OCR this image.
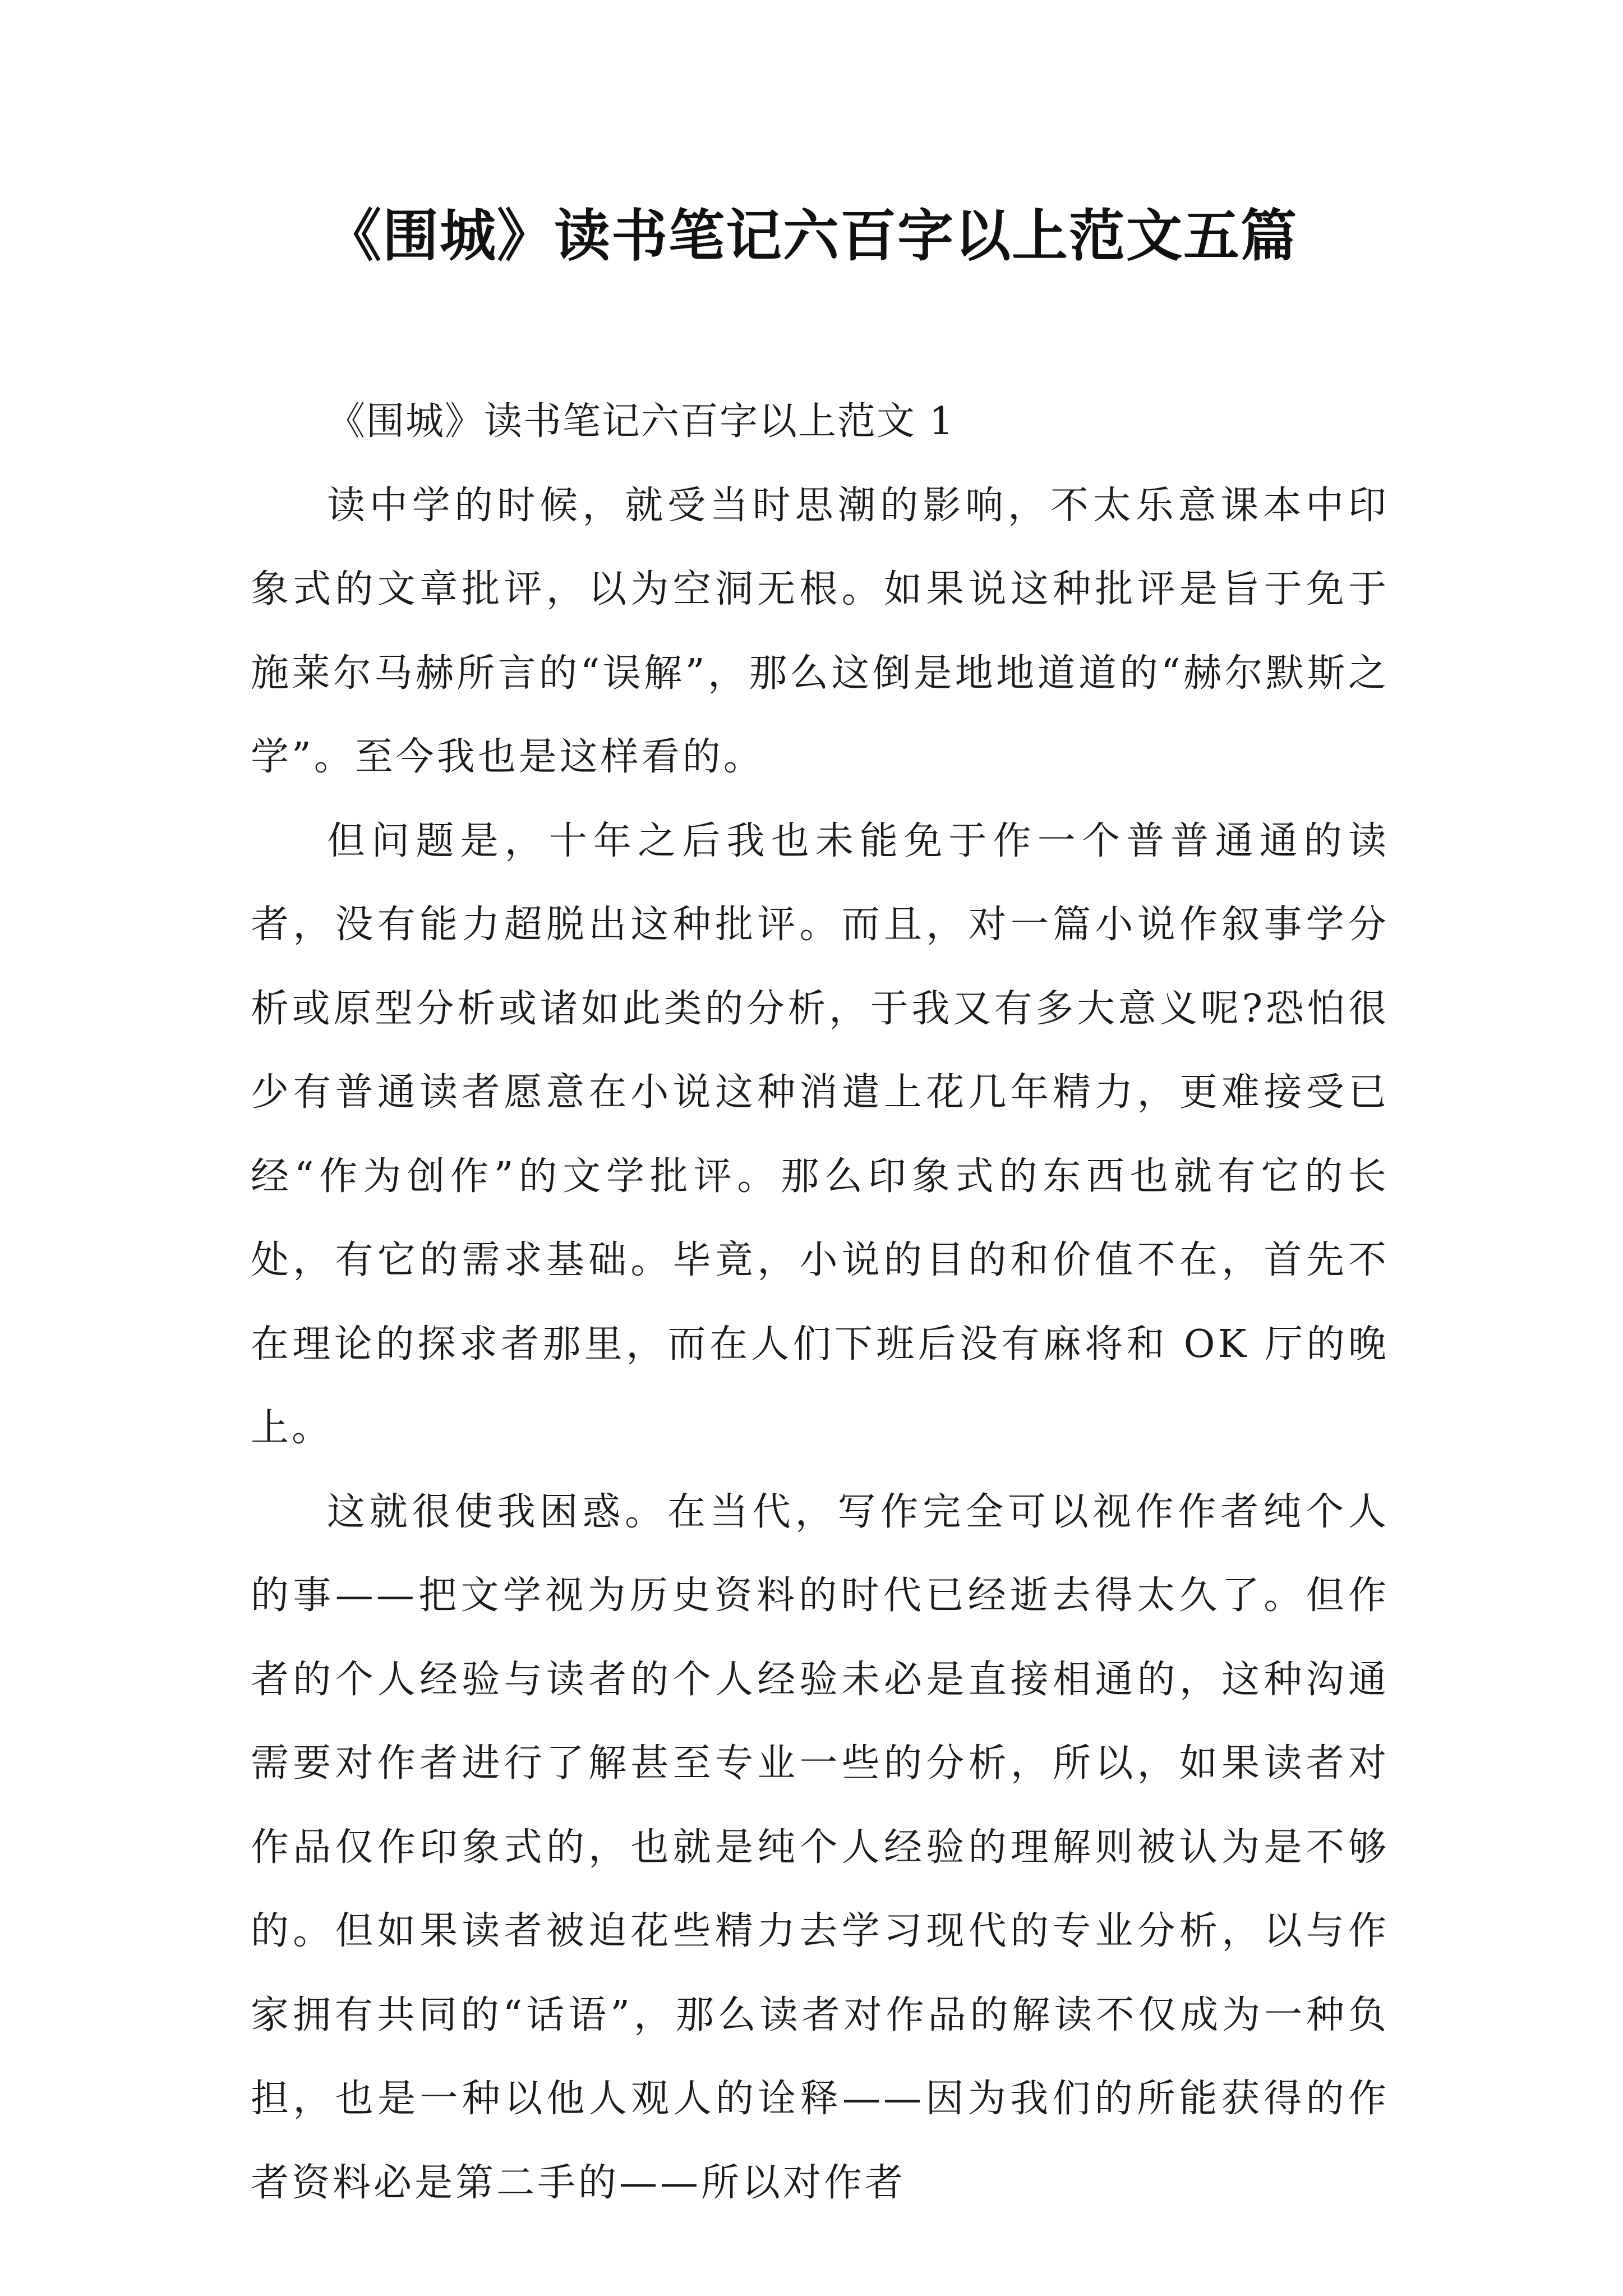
《围城》读书笔记六百字以上范文五篇

《围城》读书笔记六百字以上范文 1

读中学的时候，就受当时思潮的影响，不太乐意课本中印象式的文章批评，以为空洞无根。如果说这种批评是旨于免于施莱尔马赫所言的“误解”，那么这倒是地地道道的“赫尔默斯之学”。至今我也是这样看的。

但问题是，十年之后我也未能免于作一个普普通通的读者，没有能力超脱出这种批评。而且，对一篇小说作叙事学分析或原型分析或诸如此类的分析，于我又有多大意义呢?恐怕很少有普通读者愿意在小说这种消遣上花几年精力，更难接受已经“作为创作”的文学批评。那么印象式的东西也就有它的长处，有它的需求基础。毕竟，小说的目的和价值不在，首先不在理论的探求者那里，而在人们下班后没有麻将和 OK 厅的晚上。

这就很使我困惑。在当代，写作完全可以视作作者纯个人的事——把文学视为历史资料的时代已经逝去得太久了。但作者的个人经验与读者的个人经验未必是直接相通的，这种沟通需要对作者进行了解甚至专业一些的分析，所以，如果读者对作品仅作印象式的，也就是纯个人经验的理解则被认为是不够的。但如果读者被迫花些精力去学习现代的专业分析，以与作家拥有共同的“话语”，那么读者对作品的解读不仅成为一种负担，也是一种以他人观人的诠释——因为我们的所能获得的作者资料必是第二手的——所以对作者
